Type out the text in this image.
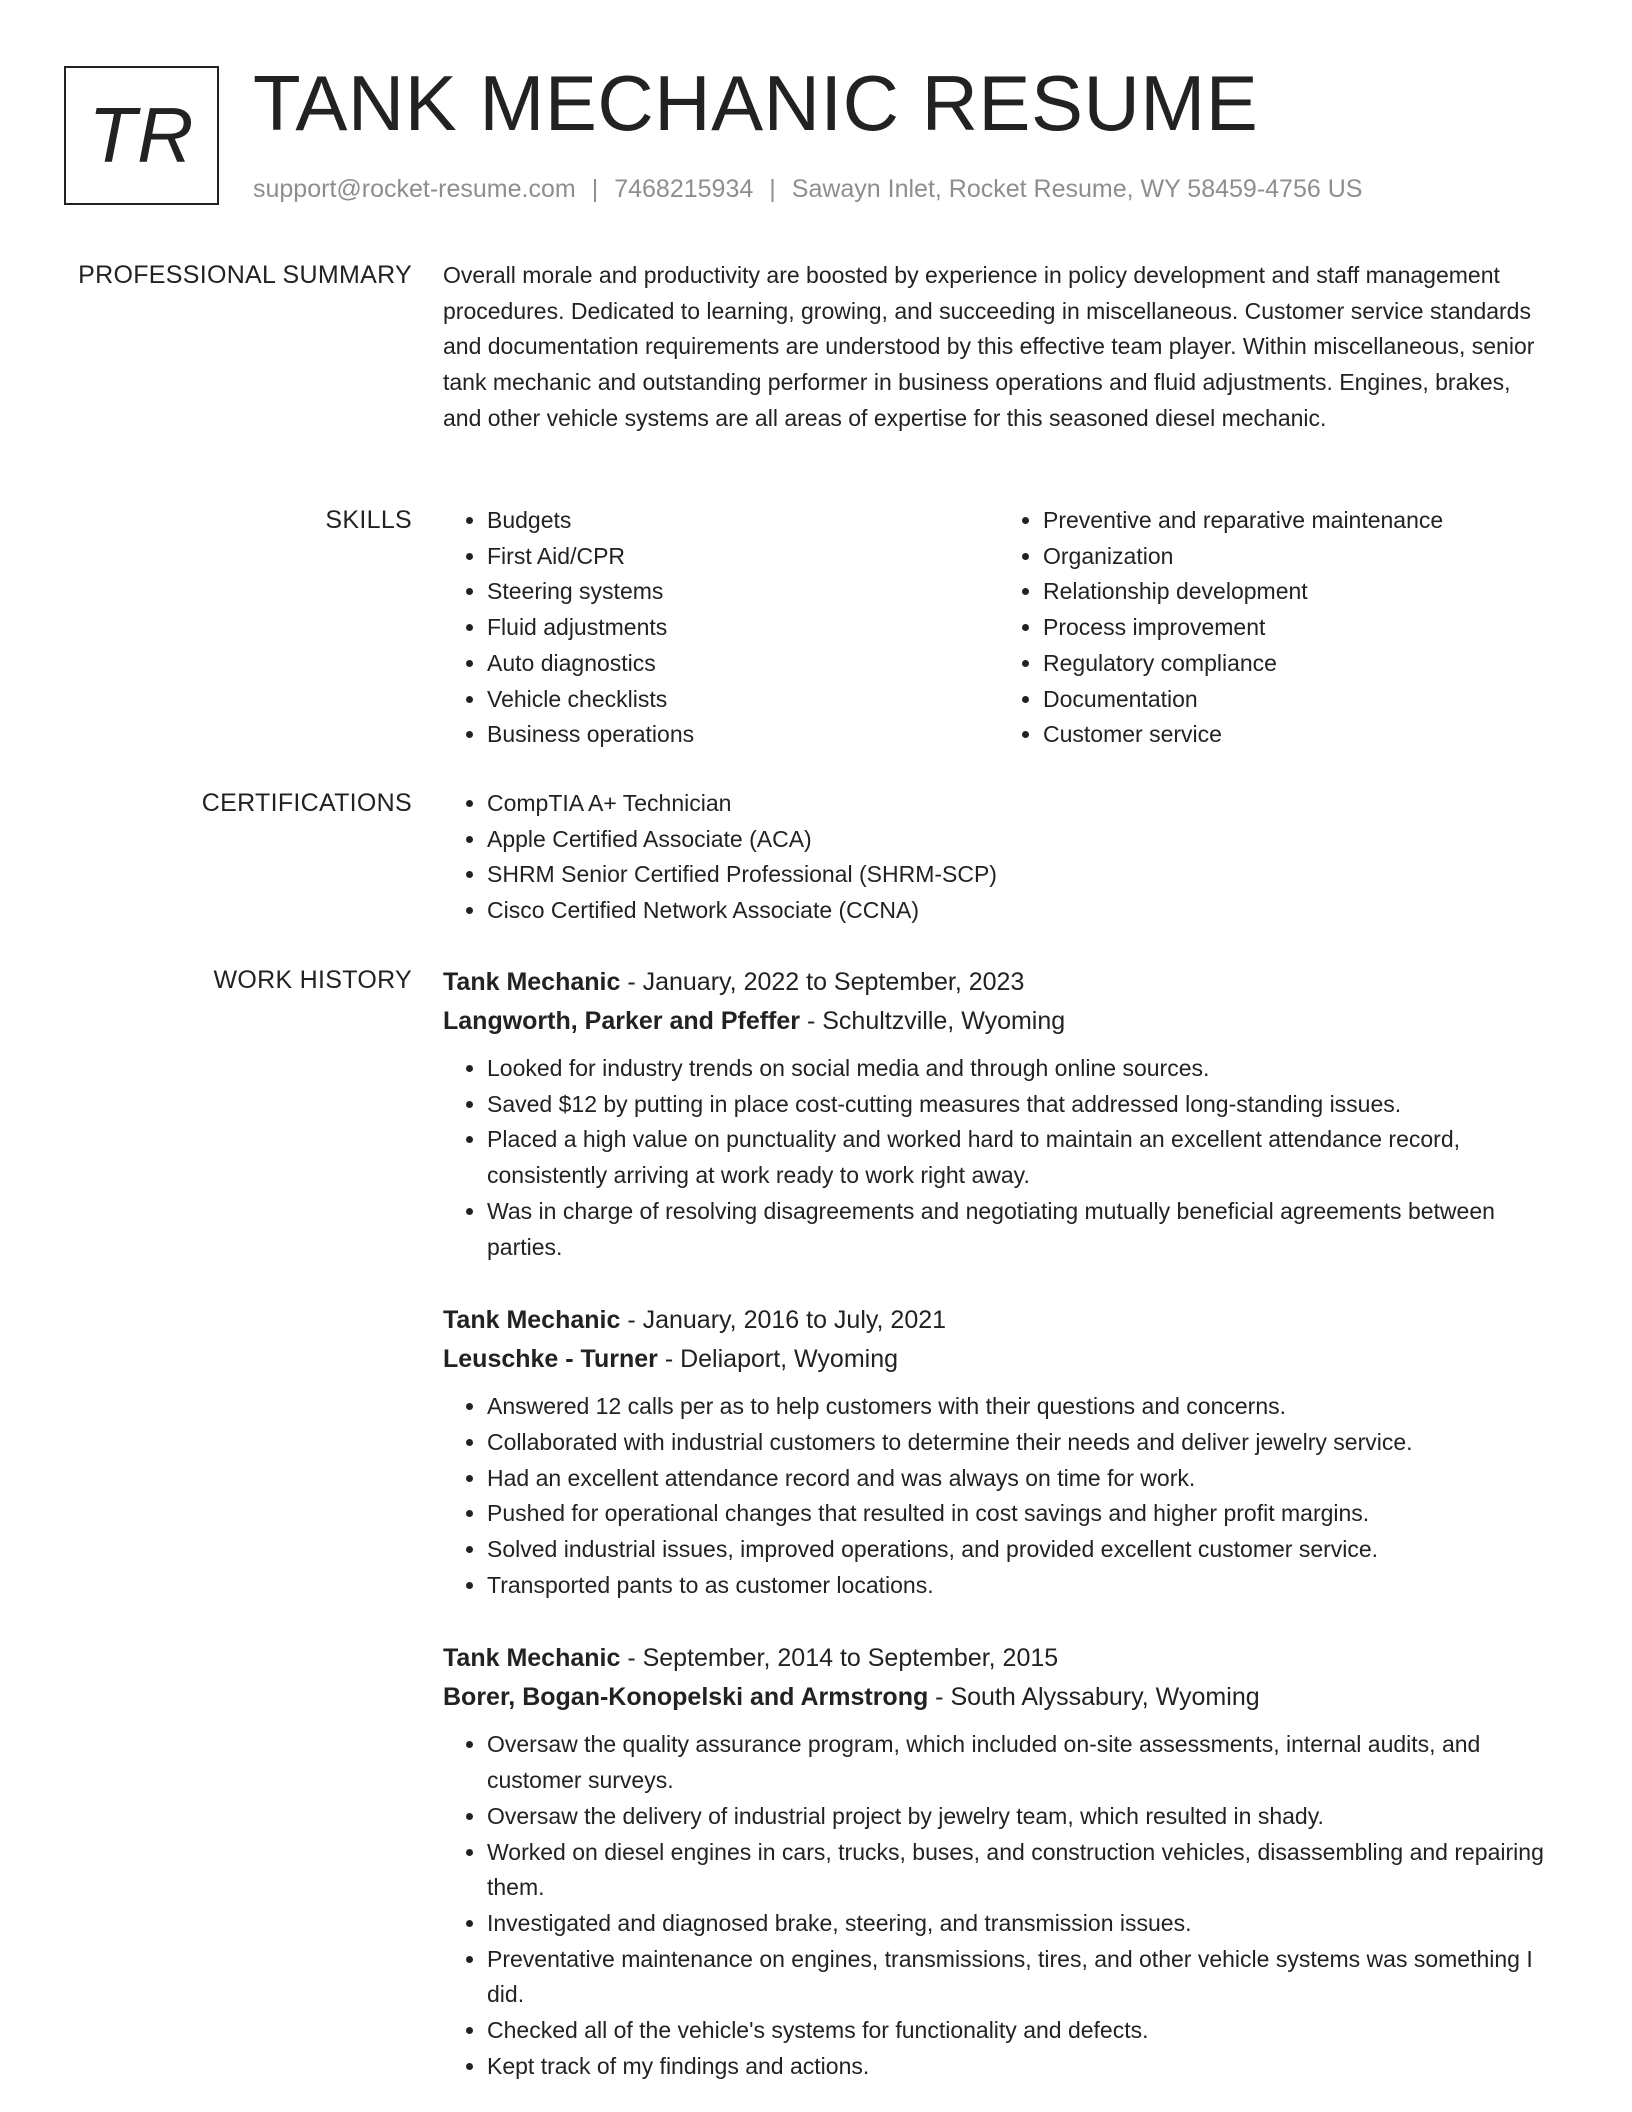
TR TANK MECHANIC RESUME
support@rocket-resume.com | 7468215934 | Sawayn Inlet, Rocket Resume, WY 58459-4756 US
PROFESSIONAL SUMMARY Overall morale and productivity are boosted by experience in policy development and staff management procedures. Dedicated to learning, growing, and succeeding in miscellaneous. Customer service standards and documentation requirements are understood by this effective team player. Within miscellaneous, senior tank mechanic and outstanding performer in business operations and fluid adjustments. Engines, brakes, and other vehicle systems are all areas of expertise for this seasoned diesel mechanic.

SKILLS	• Budgets
• First Aid/CPR
• Steering systems
• Fluid adjustments
• Auto diagnostics
• Vehicle checklists
• Business operations
• Preventive and reparative maintenance
• Organization
• Relationship development
• Process improvement
• Regulatory compliance
• Documentation
• Customer service
CERTIFICATIONS	• CompTIA A+ Technician
• Apple Certified Associate (ACA)
• SHRM Senior Certified Professional (SHRM-SCP)
• Cisco Certified Network Associate (CCNA)
WORK HISTORY Tank Mechanic - January, 2022 to September, 2023
Langworth, Parker and Pfeffer - Schultzville, Wyoming
• Looked for industry trends on social media and through online sources.
• Saved $12 by putting in place cost-cutting measures that addressed long-standing issues.
• Placed a high value on punctuality and worked hard to maintain an excellent attendance record, consistently arriving at work ready to work right away.
• Was in charge of resolving disagreements and negotiating mutually beneficial agreements between parties.
Tank Mechanic - January, 2016 to July, 2021
Leuschke - Turner - Deliaport, Wyoming
• Answered 12 calls per as to help customers with their questions and concerns.
• Collaborated with industrial customers to determine their needs and deliver jewelry service.
• Had an excellent attendance record and was always on time for work.
• Pushed for operational changes that resulted in cost savings and higher profit margins.
• Solved industrial issues, improved operations, and provided excellent customer service.
• Transported pants to as customer locations.
Tank Mechanic - September, 2014 to September, 2015
Borer, Bogan-Konopelski and Armstrong - South Alyssabury, Wyoming
• Oversaw the quality assurance program, which included on-site assessments, internal audits, and customer surveys.
• Oversaw the delivery of industrial project by jewelry team, which resulted in shady.
• Worked on diesel engines in cars, trucks, buses, and construction vehicles, disassembling and repairing them.
• Investigated and diagnosed brake, steering, and transmission issues.
• Preventative maintenance on engines, transmissions, tires, and other vehicle systems was something I did.
• Checked all of the vehicle's systems for functionality and defects.
• Kept track of my findings and actions.
